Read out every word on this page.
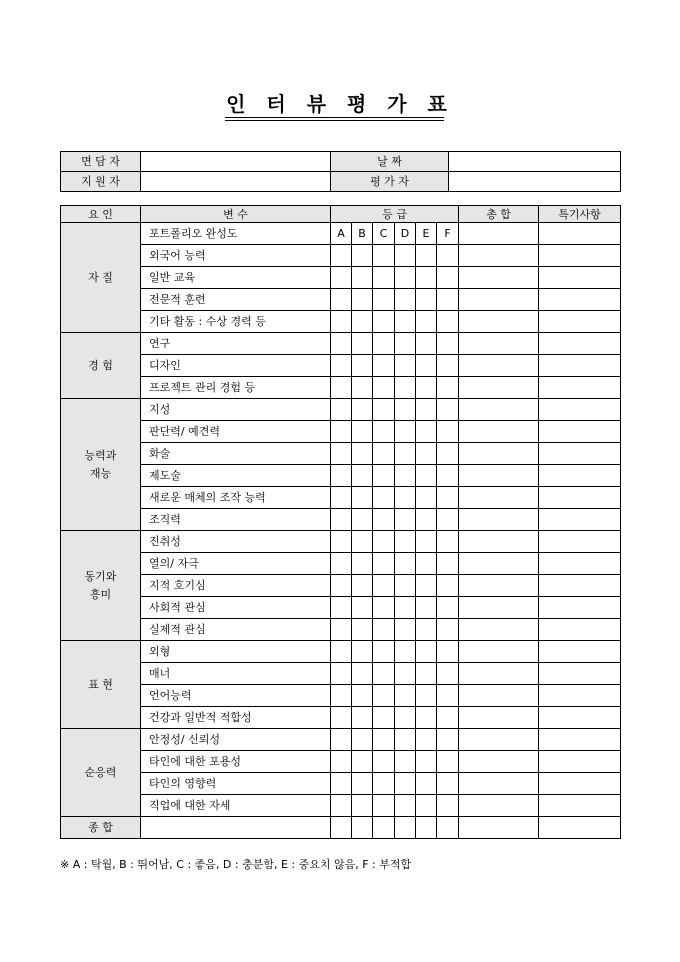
인 터 뷰 평 가 표
면 담 자		날 짜	
지 원 자		평 가 자	
요 인	변 수	등 급						총 합	특기사항
자 질	포트폴리오 완성도	A	B	C	D	E	F		
	외국어 능력								
	일반 교육								
	전문적 훈련								
	기타 활동 : 수상 경력 등								
경 험	연구								
	디자인								
	프로젝트 관리 경험 등								
능력과
재능	지성								
	판단력/ 예견력								
	화술								
	제도술								
	새로운 매체의 조작 능력								
	조직력								
동기와
흥미	진취성								
	열의/ 자극								
	지적 호기심								
	사회적 관심								
	실제적 관심								
표 현	외형								
	매너								
	언어능력								
	건강과 일반적 적합성								
순응력	안정성/ 신뢰성								
	타인에 대한 포용성								
	타인의 영향력								
	직업에 대한 자세								
종 합									
※ A : 탁월, B : 뛰어남, C : 좋음, D : 충분함, E : 중요치 않음, F : 부적합
